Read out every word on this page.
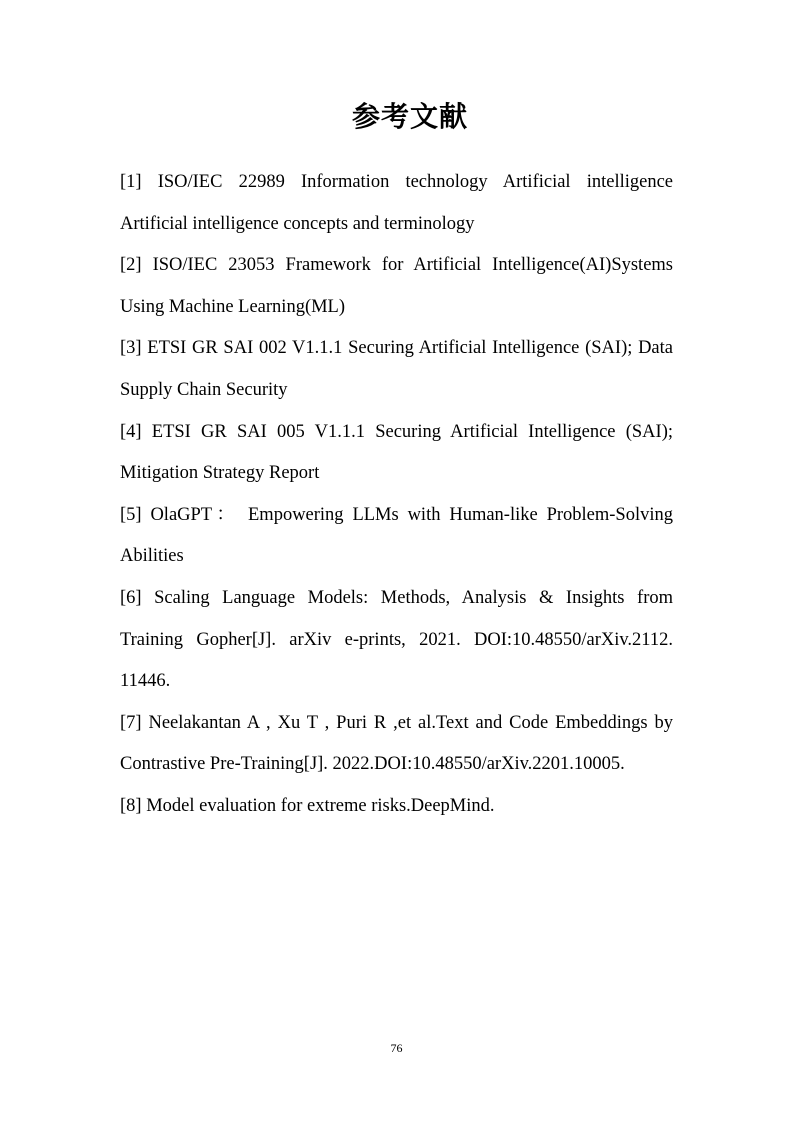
参考文献
[1] ISO/IEC 22989 Information technology Artificial intelligence Artificial intelligence concepts and terminology
[2] ISO/IEC 23053 Framework for Artificial Intelligence(AI)Systems Using Machine Learning(ML)
[3] ETSI GR SAI 002 V1.1.1 Securing Artificial Intelligence (SAI); Data Supply Chain Security
[4] ETSI GR SAI 005 V1.1.1 Securing Artificial Intelligence (SAI); Mitigation Strategy Report
[5] OlaGPT： Empowering LLMs with Human-like Problem-Solving Abilities
[6] Scaling Language Models: Methods, Analysis & Insights from Training Gopher[J]. arXiv e-prints, 2021. DOI:10.48550/arXiv.2112. 11446.
[7] Neelakantan A , Xu T , Puri R ,et al.Text and Code Embeddings by Contrastive Pre-Training[J]. 2022.DOI:10.48550/arXiv.2201.10005.
[8] Model evaluation for extreme risks.DeepMind.
76
